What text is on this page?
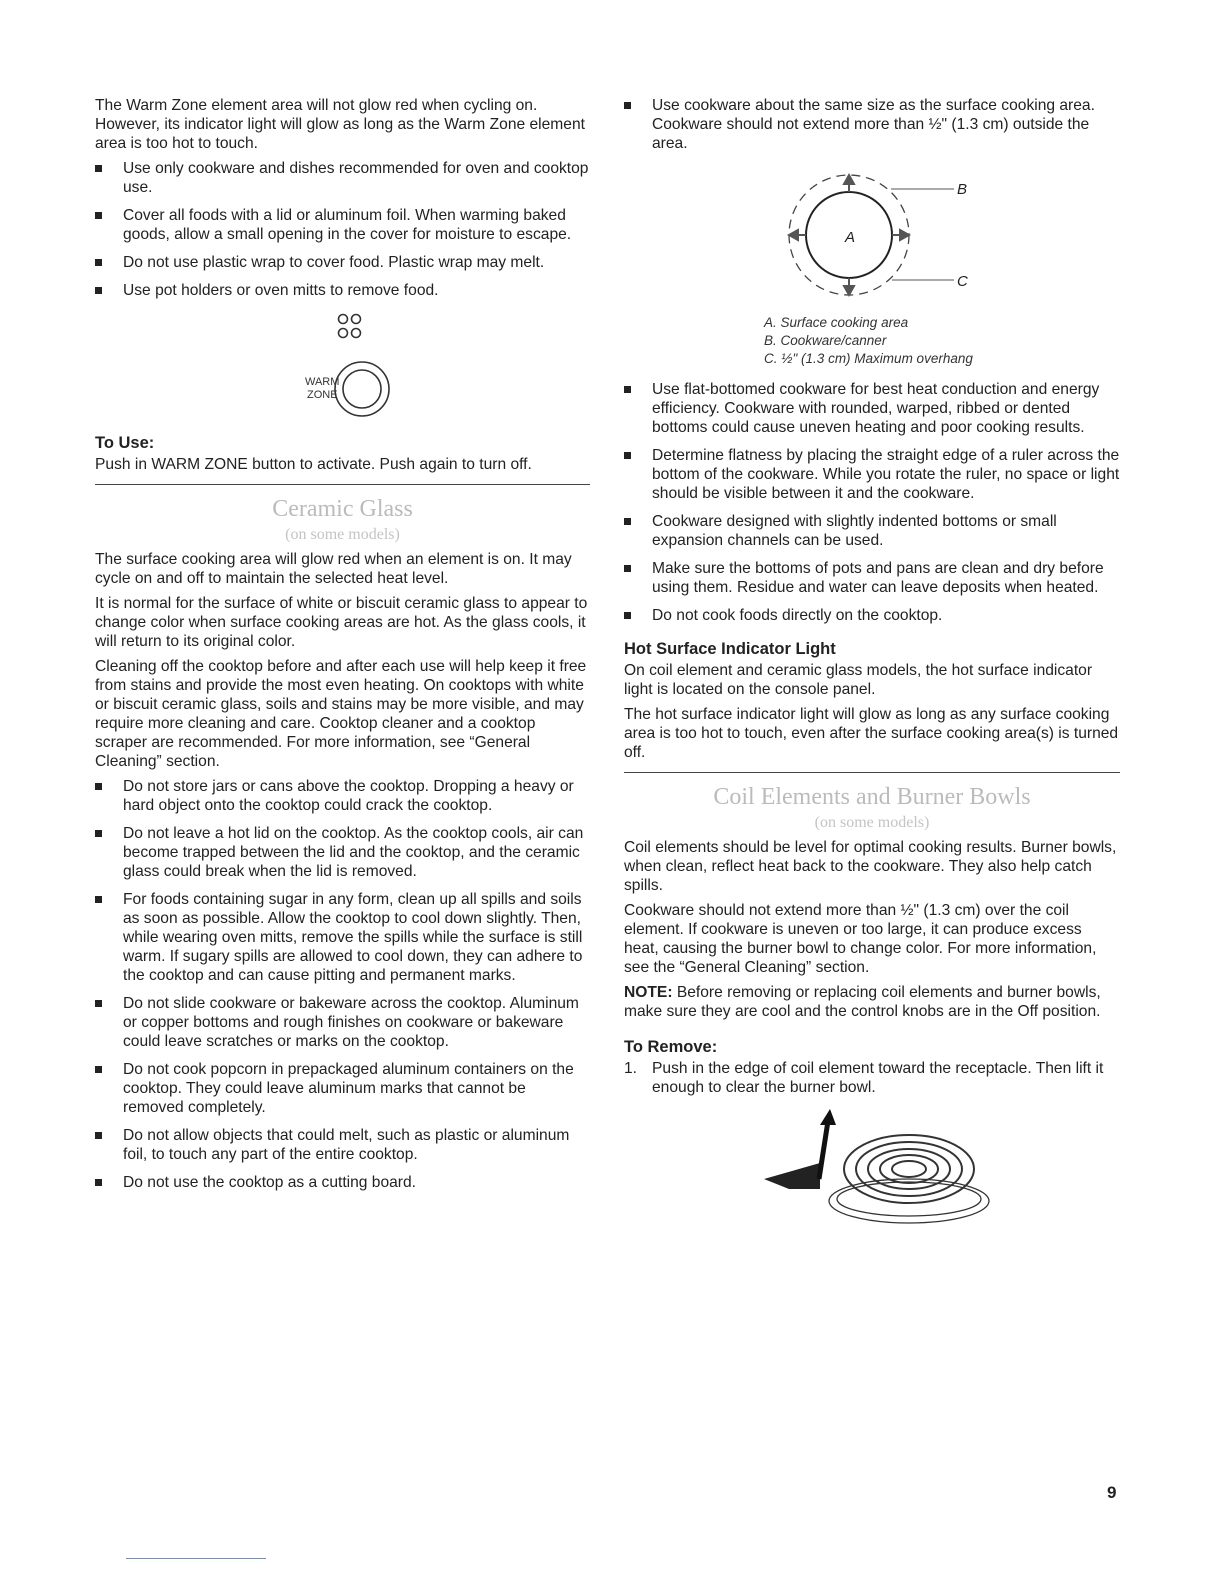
The Warm Zone element area will not glow red when cycling on. However, its indicator light will glow as long as the Warm Zone element area is too hot to touch.

Use only cookware and dishes recommended for oven and cooktop use.
Cover all foods with a lid or aluminum foil. When warming baked goods, allow a small opening in the cover for moisture to escape.
Do not use plastic wrap to cover food. Plastic wrap may melt.
Use pot holders or oven mitts to remove food.
WARM
ZONE
To Use:

Push in WARM ZONE button to activate. Push again to turn off.

Ceramic Glass
(on some models)

The surface cooking area will glow red when an element is on. It may cycle on and off to maintain the selected heat level.

It is normal for the surface of white or biscuit ceramic glass to appear to change color when surface cooking areas are hot. As the glass cools, it will return to its original color.

Cleaning off the cooktop before and after each use will help keep it free from stains and provide the most even heating. On cooktops with white or biscuit ceramic glass, soils and stains may be more visible, and may require more cleaning and care. Cooktop cleaner and a cooktop scraper are recommended. For more information, see “General Cleaning” section.

Do not store jars or cans above the cooktop. Dropping a heavy or hard object onto the cooktop could crack the cooktop.
Do not leave a hot lid on the cooktop. As the cooktop cools, air can become trapped between the lid and the cooktop, and the ceramic glass could break when the lid is removed.
For foods containing sugar in any form, clean up all spills and soils as soon as possible. Allow the cooktop to cool down slightly. Then, while wearing oven mitts, remove the spills while the surface is still warm. If sugary spills are allowed to cool down, they can adhere to the cooktop and can cause pitting and permanent marks.
Do not slide cookware or bakeware across the cooktop. Aluminum or copper bottoms and rough finishes on cookware or bakeware could leave scratches or marks on the cooktop.
Do not cook popcorn in prepackaged aluminum containers on the cooktop. They could leave aluminum marks that cannot be removed completely.
Do not allow objects that could melt, such as plastic or aluminum foil, to touch any part of the entire cooktop.
Do not use the cooktop as a cutting board.
Use cookware about the same size as the surface cooking area. Cookware should not extend more than ½" (1.3 cm) outside the area.
A
B
C
A. Surface cooking area
B. Cookware/canner
C. ½" (1.3 cm) Maximum overhang
Use flat-bottomed cookware for best heat conduction and energy efficiency. Cookware with rounded, warped, ribbed or dented bottoms could cause uneven heating and poor cooking results.
Determine flatness by placing the straight edge of a ruler across the bottom of the cookware. While you rotate the ruler, no space or light should be visible between it and the cookware.
Cookware designed with slightly indented bottoms or small expansion channels can be used.
Make sure the bottoms of pots and pans are clean and dry before using them. Residue and water can leave deposits when heated.
Do not cook foods directly on the cooktop.
Hot Surface Indicator Light

On coil element and ceramic glass models, the hot surface indicator light is located on the console panel.

The hot surface indicator light will glow as long as any surface cooking area is too hot to touch, even after the surface cooking area(s) is turned off.

Coil Elements and Burner Bowls
(on some models)

Coil elements should be level for optimal cooking results. Burner bowls, when clean, reflect heat back to the cookware. They also help catch spills.

Cookware should not extend more than ½" (1.3 cm) over the coil element. If cookware is uneven or too large, it can produce excess heat, causing the burner bowl to change color. For more information, see the “General Cleaning” section.

NOTE: Before removing or replacing coil elements and burner bowls, make sure they are cool and the control knobs are in the Off position.

To Remove:
1. Push in the edge of coil element toward the receptacle. Then lift it enough to clear the burner bowl.
9
